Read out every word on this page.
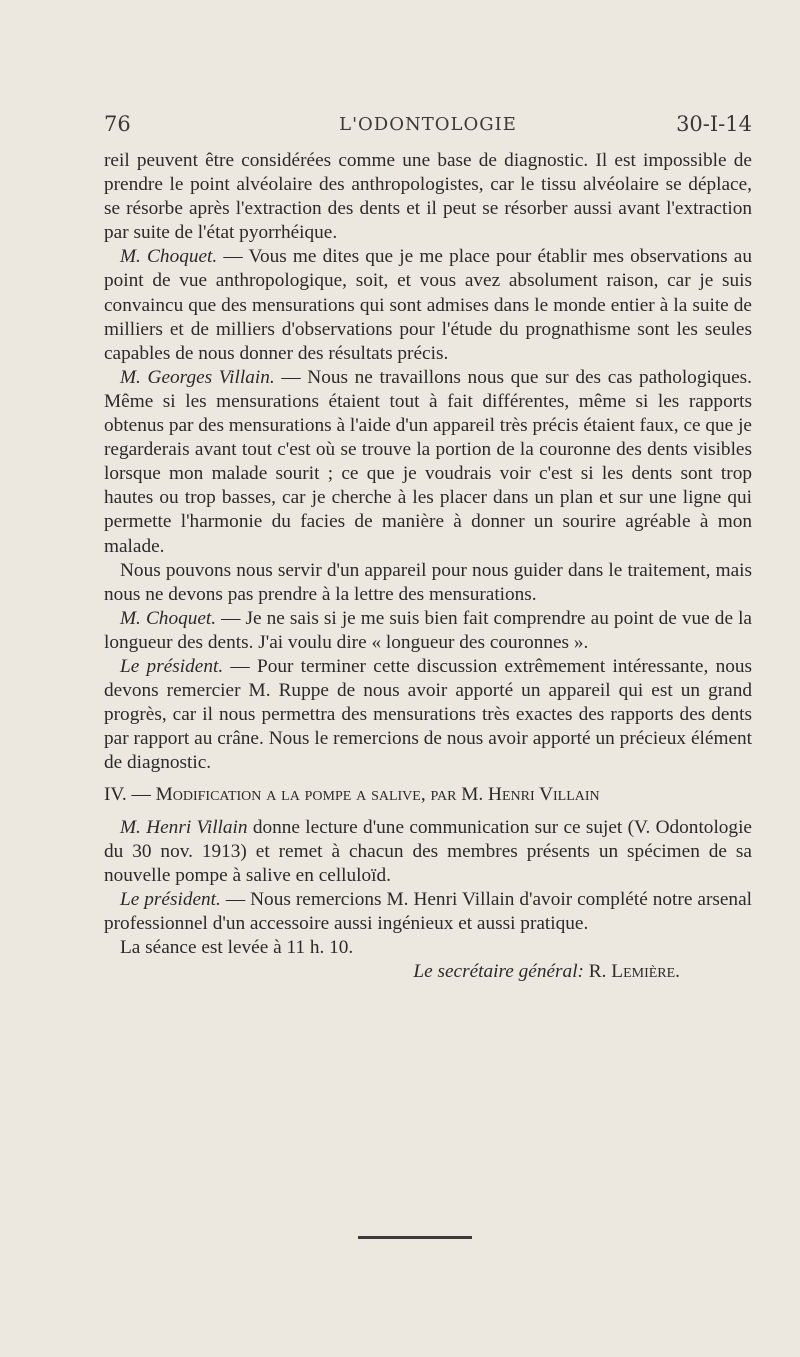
76	L'ODONTOLOGIE	30-I-14

reil peuvent être considérées comme une base de diagnostic. Il est impossible de prendre le point alvéolaire des anthropologistes, car le tissu alvéolaire se déplace, se résorbe après l'extraction des dents et il peut se résorber aussi avant l'extraction par suite de l'état pyorrhéique.

M. Choquet. — Vous me dites que je me place pour établir mes observations au point de vue anthropologique, soit, et vous avez absolument raison, car je suis convaincu que des mensurations qui sont admises dans le monde entier à la suite de milliers et de milliers d'observations pour l'étude du prognathisme sont les seules capables de nous donner des résultats précis.

M. Georges Villain. — Nous ne travaillons nous que sur des cas pathologiques. Même si les mensurations étaient tout à fait différentes, même si les rapports obtenus par des mensurations à l'aide d'un appareil très précis étaient faux, ce que je regarderais avant tout c'est où se trouve la portion de la couronne des dents visibles lorsque mon malade sourit ; ce que je voudrais voir c'est si les dents sont trop hautes ou trop basses, car je cherche à les placer dans un plan et sur une ligne qui permette l'harmonie du facies de manière à donner un sourire agréable à mon malade.

Nous pouvons nous servir d'un appareil pour nous guider dans le traitement, mais nous ne devons pas prendre à la lettre des mensurations.

M. Choquet. — Je ne sais si je me suis bien fait comprendre au point de vue de la longueur des dents. J'ai voulu dire « longueur des couronnes ».

Le président. — Pour terminer cette discussion extrêmement intéressante, nous devons remercier M. Ruppe de nous avoir apporté un appareil qui est un grand progrès, car il nous permettra des mensurations très exactes des rapports des dents par rapport au crâne. Nous le remercions de nous avoir apporté un précieux élément de diagnostic.

IV. — Modification a la pompe a salive, par M. Henri Villain

M. Henri Villain donne lecture d'une communication sur ce sujet (V. Odontologie du 30 nov. 1913) et remet à chacun des membres présents un spécimen de sa nouvelle pompe à salive en celluloïd.

Le président. — Nous remercions M. Henri Villain d'avoir complété notre arsenal professionnel d'un accessoire aussi ingénieux et aussi pratique.

La séance est levée à 11 h. 10.

Le secrétaire général: R. Lemière.
